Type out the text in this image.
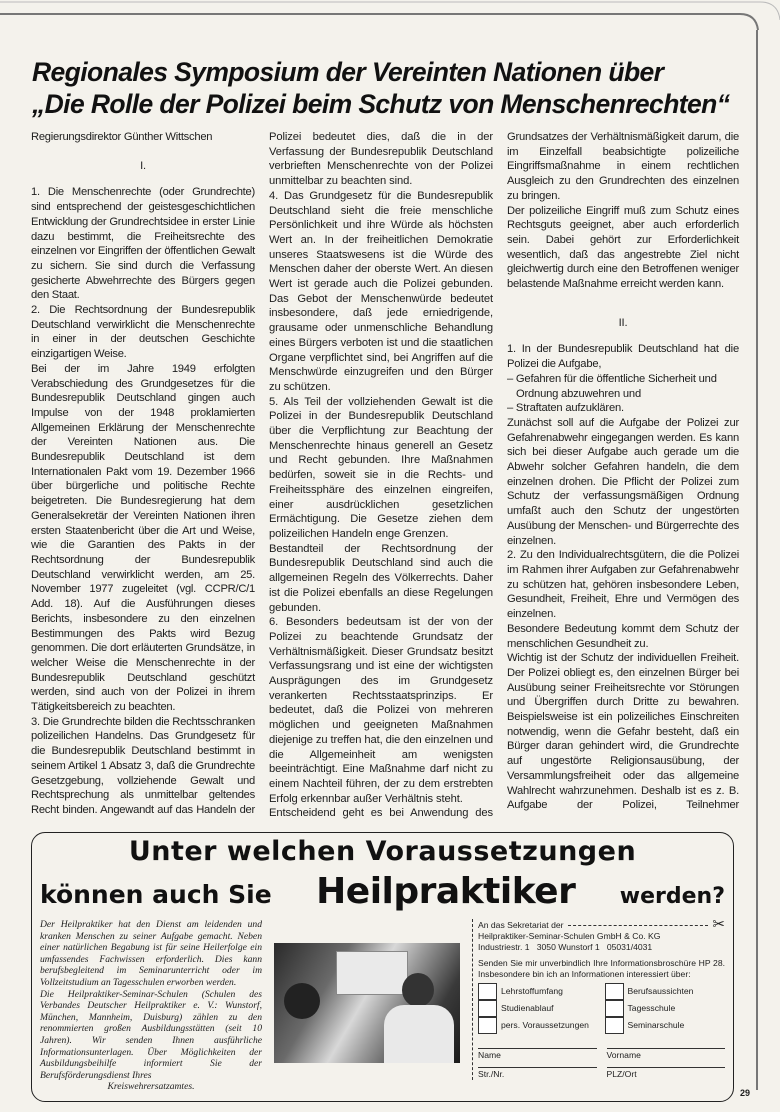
Regionales Symposium der Vereinten Nationen über
„Die Rolle der Polizei beim Schutz von Menschenrechten“

Regierungsdirektor Günther Wittschen

I.

1. Die Menschenrechte (oder Grundrechte) sind entsprechend der geistesgeschichtlichen Entwicklung der Grundrechtsidee in erster Linie dazu bestimmt, die Freiheitsrechte des einzelnen vor Eingriffen der öffentlichen Gewalt zu sichern. Sie sind durch die Verfassung gesicherte Abwehrrechte des Bürgers gegen den Staat.

2. Die Rechtsordnung der Bundesrepublik Deutschland verwirklicht die Menschenrechte in einer in der deutschen Geschichte einzigartigen Weise.

Bei der im Jahre 1949 erfolgten Verabschiedung des Grundgesetzes für die Bundesrepublik Deutschland gingen auch Impulse von der 1948 proklamierten Allgemeinen Erklärung der Menschenrechte der Vereinten Nationen aus. Die Bundesrepublik Deutschland ist dem Internationalen Pakt vom 19. Dezember 1966 über bürgerliche und politische Rechte beigetreten. Die Bundesregierung hat dem Generalsekretär der Vereinten Nationen ihren ersten Staatenbericht über die Art und Weise, wie die Garantien des Pakts in der Rechtsordnung der Bundesrepublik Deutschland verwirklicht werden, am 25. November 1977 zugeleitet (vgl. CCPR/C/1 Add. 18). Auf die Ausführungen dieses Berichts, insbesondere zu den einzelnen Bestimmungen des Pakts wird Bezug genommen. Die dort erläuterten Grundsätze, in welcher Weise die Menschenrechte in der Bundesrepublik Deutschland geschützt werden, sind auch von der Polizei in ihrem Tätigkeitsbereich zu beachten.

3. Die Grundrechte bilden die Rechtsschranken polizeilichen Handelns. Das Grundgesetz für die Bundesrepublik Deutschland bestimmt in seinem Artikel 1 Absatz 3, daß die Grundrechte Gesetzgebung, vollziehende Gewalt und Rechtsprechung als unmittelbar geltendes Recht binden. Angewandt auf das Handeln der

Polizei bedeutet dies, daß die in der Verfassung der Bundesrepublik Deutschland verbrieften Menschenrechte von der Polizei unmittelbar zu beachten sind.

4. Das Grundgesetz für die Bundesrepublik Deutschland sieht die freie menschliche Persönlichkeit und ihre Würde als höchsten Wert an. In der freiheitlichen Demokratie unseres Staatswesens ist die Würde des Menschen daher der oberste Wert. An diesen Wert ist gerade auch die Polizei gebunden. Das Gebot der Menschenwürde bedeutet insbesondere, daß jede erniedrigende, grausame oder unmenschliche Behandlung eines Bürgers verboten ist und die staatlichen Organe verpflichtet sind, bei Angriffen auf die Menschwürde einzugreifen und den Bürger zu schützen.

5. Als Teil der vollziehenden Gewalt ist die Polizei in der Bundesrepublik Deutschland über die Verpflichtung zur Beachtung der Menschenrechte hinaus generell an Gesetz und Recht gebunden. Ihre Maßnahmen bedürfen, soweit sie in die Rechts- und Freiheitssphäre des einzelnen eingreifen, einer ausdrücklichen gesetzlichen Ermächtigung. Die Gesetze ziehen dem polizeilichen Handeln enge Grenzen.

Bestandteil der Rechtsordnung der Bundesrepublik Deutschland sind auch die allgemeinen Regeln des Völkerrechts. Daher ist die Polizei ebenfalls an diese Regelungen gebunden.

6. Besonders bedeutsam ist der von der Polizei zu beachtende Grundsatz der Verhältnismäßigkeit. Dieser Grundsatz besitzt Verfassungsrang und ist eine der wichtigsten Ausprägungen des im Grundgesetz verankerten Rechtsstaatsprinzips. Er bedeutet, daß die Polizei von mehreren möglichen und geeigneten Maßnahmen diejenige zu treffen hat, die den einzelnen und die Allgemeinheit am wenigsten beeinträchtigt. Eine Maßnahme darf nicht zu einem Nachteil führen, der zu dem erstrebten Erfolg erkennbar außer Verhältnis steht.

Entscheidend geht es bei Anwendung des

Grundsatzes der Verhältnismäßigkeit darum, die im Einzelfall beabsichtigte polizeiliche Eingriffsmaßnahme in einem rechtlichen Ausgleich zu den Grundrechten des einzelnen zu bringen.

Der polizeiliche Eingriff muß zum Schutz eines Rechtsguts geeignet, aber auch erforderlich sein. Dabei gehört zur Erforderlichkeit wesentlich, daß das angestrebte Ziel nicht gleichwertig durch eine den Betroffenen weniger belastende Maßnahme erreicht werden kann.

II.

1. In der Bundesrepublik Deutschland hat die Polizei die Aufgabe,

– Gefahren für die öffentliche Sicherheit und Ordnung abzuwehren und

– Straftaten aufzuklären.

Zunächst soll auf die Aufgabe der Polizei zur Gefahrenabwehr eingegangen werden. Es kann sich bei dieser Aufgabe auch gerade um die Abwehr solcher Gefahren handeln, die dem einzelnen drohen. Die Pflicht der Polizei zum Schutz der verfassungsmäßigen Ordnung umfaßt auch den Schutz der ungestörten Ausübung der Menschen- und Bürgerrechte des einzelnen.

2. Zu den Individualrechtsgütern, die die Polizei im Rahmen ihrer Aufgaben zur Gefahrenabwehr zu schützen hat, gehören insbesondere Leben, Gesundheit, Freiheit, Ehre und Vermögen des einzelnen.

Besondere Bedeutung kommt dem Schutz der menschlichen Gesundheit zu.

Wichtig ist der Schutz der individuellen Freiheit. Der Polizei obliegt es, den einzelnen Bürger bei Ausübung seiner Freiheitsrechte vor Störungen und Übergriffen durch Dritte zu bewahren. Beispielsweise ist ein polizeiliches Einschreiten notwendig, wenn die Gefahr besteht, daß ein Bürger daran gehindert wird, die Grundrechte auf ungestörte Religionsausübung, der Versammlungsfreiheit oder das allgemeine Wahlrecht wahrzunehmen. Deshalb ist es z. B. Aufgabe der Polizei, Teilnehmer

Unter welchen Voraussetzungen
können auch Sie Heilpraktiker werden?

Der Heilpraktiker hat den Dienst am leidenden und kranken Menschen zu seiner Aufgabe gemacht. Neben einer natürlichen Begabung ist für seine Heilerfolge ein umfassendes Fachwissen erforderlich. Dies kann berufsbegleitend im Seminarunterricht oder im Vollzeitstudium an Tagesschulen erworben werden.

Die Heilpraktiker-Seminar-Schulen (Schulen des Verbandes Deutscher Heilpraktiker e. V.: Wunstorf, München, Mannheim, Duisburg) zählen zu den renommierten großen Ausbildungsstätten (seit 10 Jahren). Wir senden Ihnen ausführliche Informationsunterlagen. Über Möglichkeiten der Ausbildungsbeihilfe informiert Sie der Berufsförderungsdienst Ihres

Kreiswehrersatzamtes.

An das Sekretariat der	✂
Heilpraktiker-Seminar-Schulen GmbH & Co. KG
Industriestr. 1   3050 Wunstorf 1   05031/4031
Senden Sie mir unverbindlich Ihre Informationsbroschüre HP 28. Insbesondere bin ich an Informationen interessiert über:
Lehrstoffumfang	Berufsaussichten
Studienablauf	Tagesschule
pers. Voraussetzungen	Seminarschule
Name	Vorname
Str./Nr.	PLZ/Ort
29
